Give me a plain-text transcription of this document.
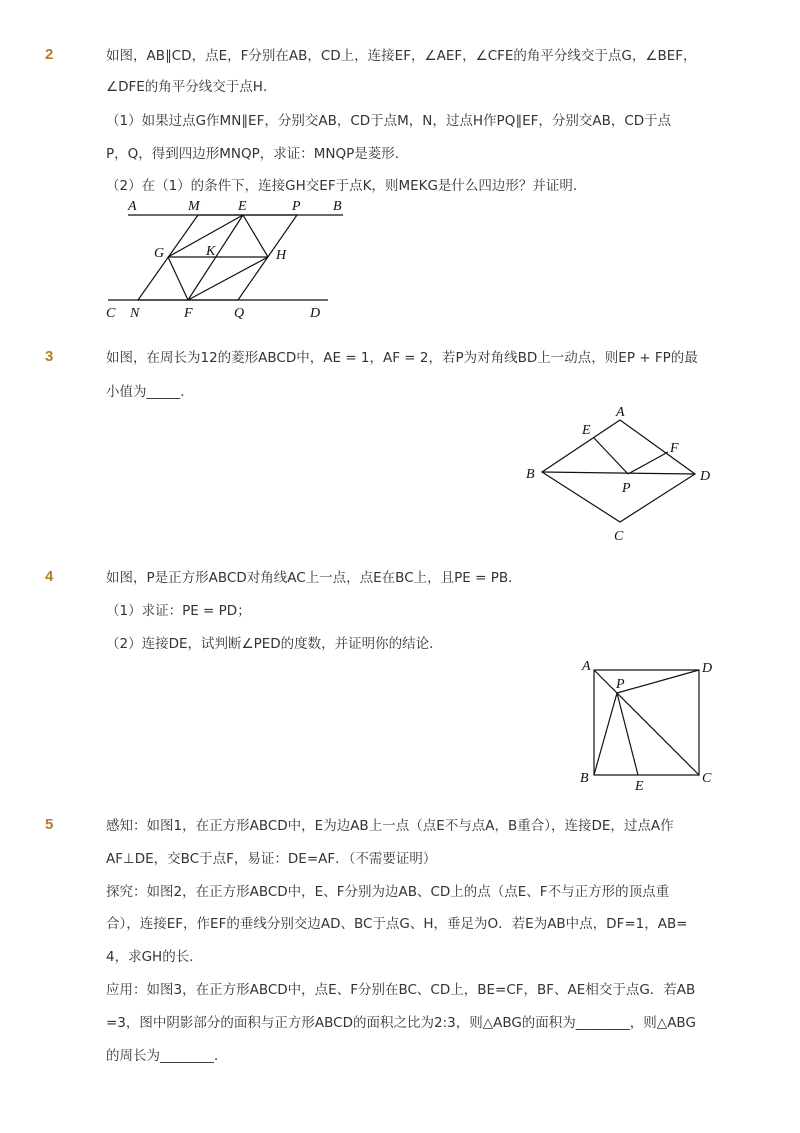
2	如图，AB∥CD，点E，F分别在AB，CD上，连接EF，∠AEF，∠CFE的角平分线交于点G，∠BEF，
∠DFE的角平分线交于点H．
（1）如果过点G作MN∥EF，分别交AB，CD于点M，N，过点H作PQ∥EF，分别交AB，CD于点
P，Q，得到四边形MNQP，求证：MNQP是菱形．
（2）在（1）的条件下，连接GH交EF于点K，则MEKG是什么四边形？并证明．
A	M	E	P B
G	K	H
C N	F	Q	D
3	如图，在周长为12的菱形ABCD中，AE = 1，AF = 2，若P为对角线BD上一动点，则EP + FP的最
小值为_____．
A
E
F
B
P
D
C
4	如图，P是正方形ABCD对角线AC上一点，点E在BC上，且PE = PB．
（1）求证：PE = PD；
（2）连接DE，试判断∠PED的度数，并证明你的结论．
A
P
D
B
E
C
5	感知：如图1，在正方形ABCD中，E为边AB上一点（点E不与点A，B重合），连接DE，过点A作
AF⊥DE，交BC于点F，易证：DE=AF．（不需要证明）
探究：如图2，在正方形ABCD中，E、F分别为边AB、CD上的点（点E、F不与正方形的顶点重
合），连接EF，作EF的垂线分别交边AD、BC于点G、H，垂足为O．若E为AB中点，DF=1，AB=
4，求GH的长．
应用：如图3，在正方形ABCD中，点E、F分别在BC、CD上，BE=CF，BF、AE相交于点G．若AB
=3，图中阴影部分的面积与正方形ABCD的面积之比为2:3，则△ABG的面积为________，则△ABG
的周长为________．
